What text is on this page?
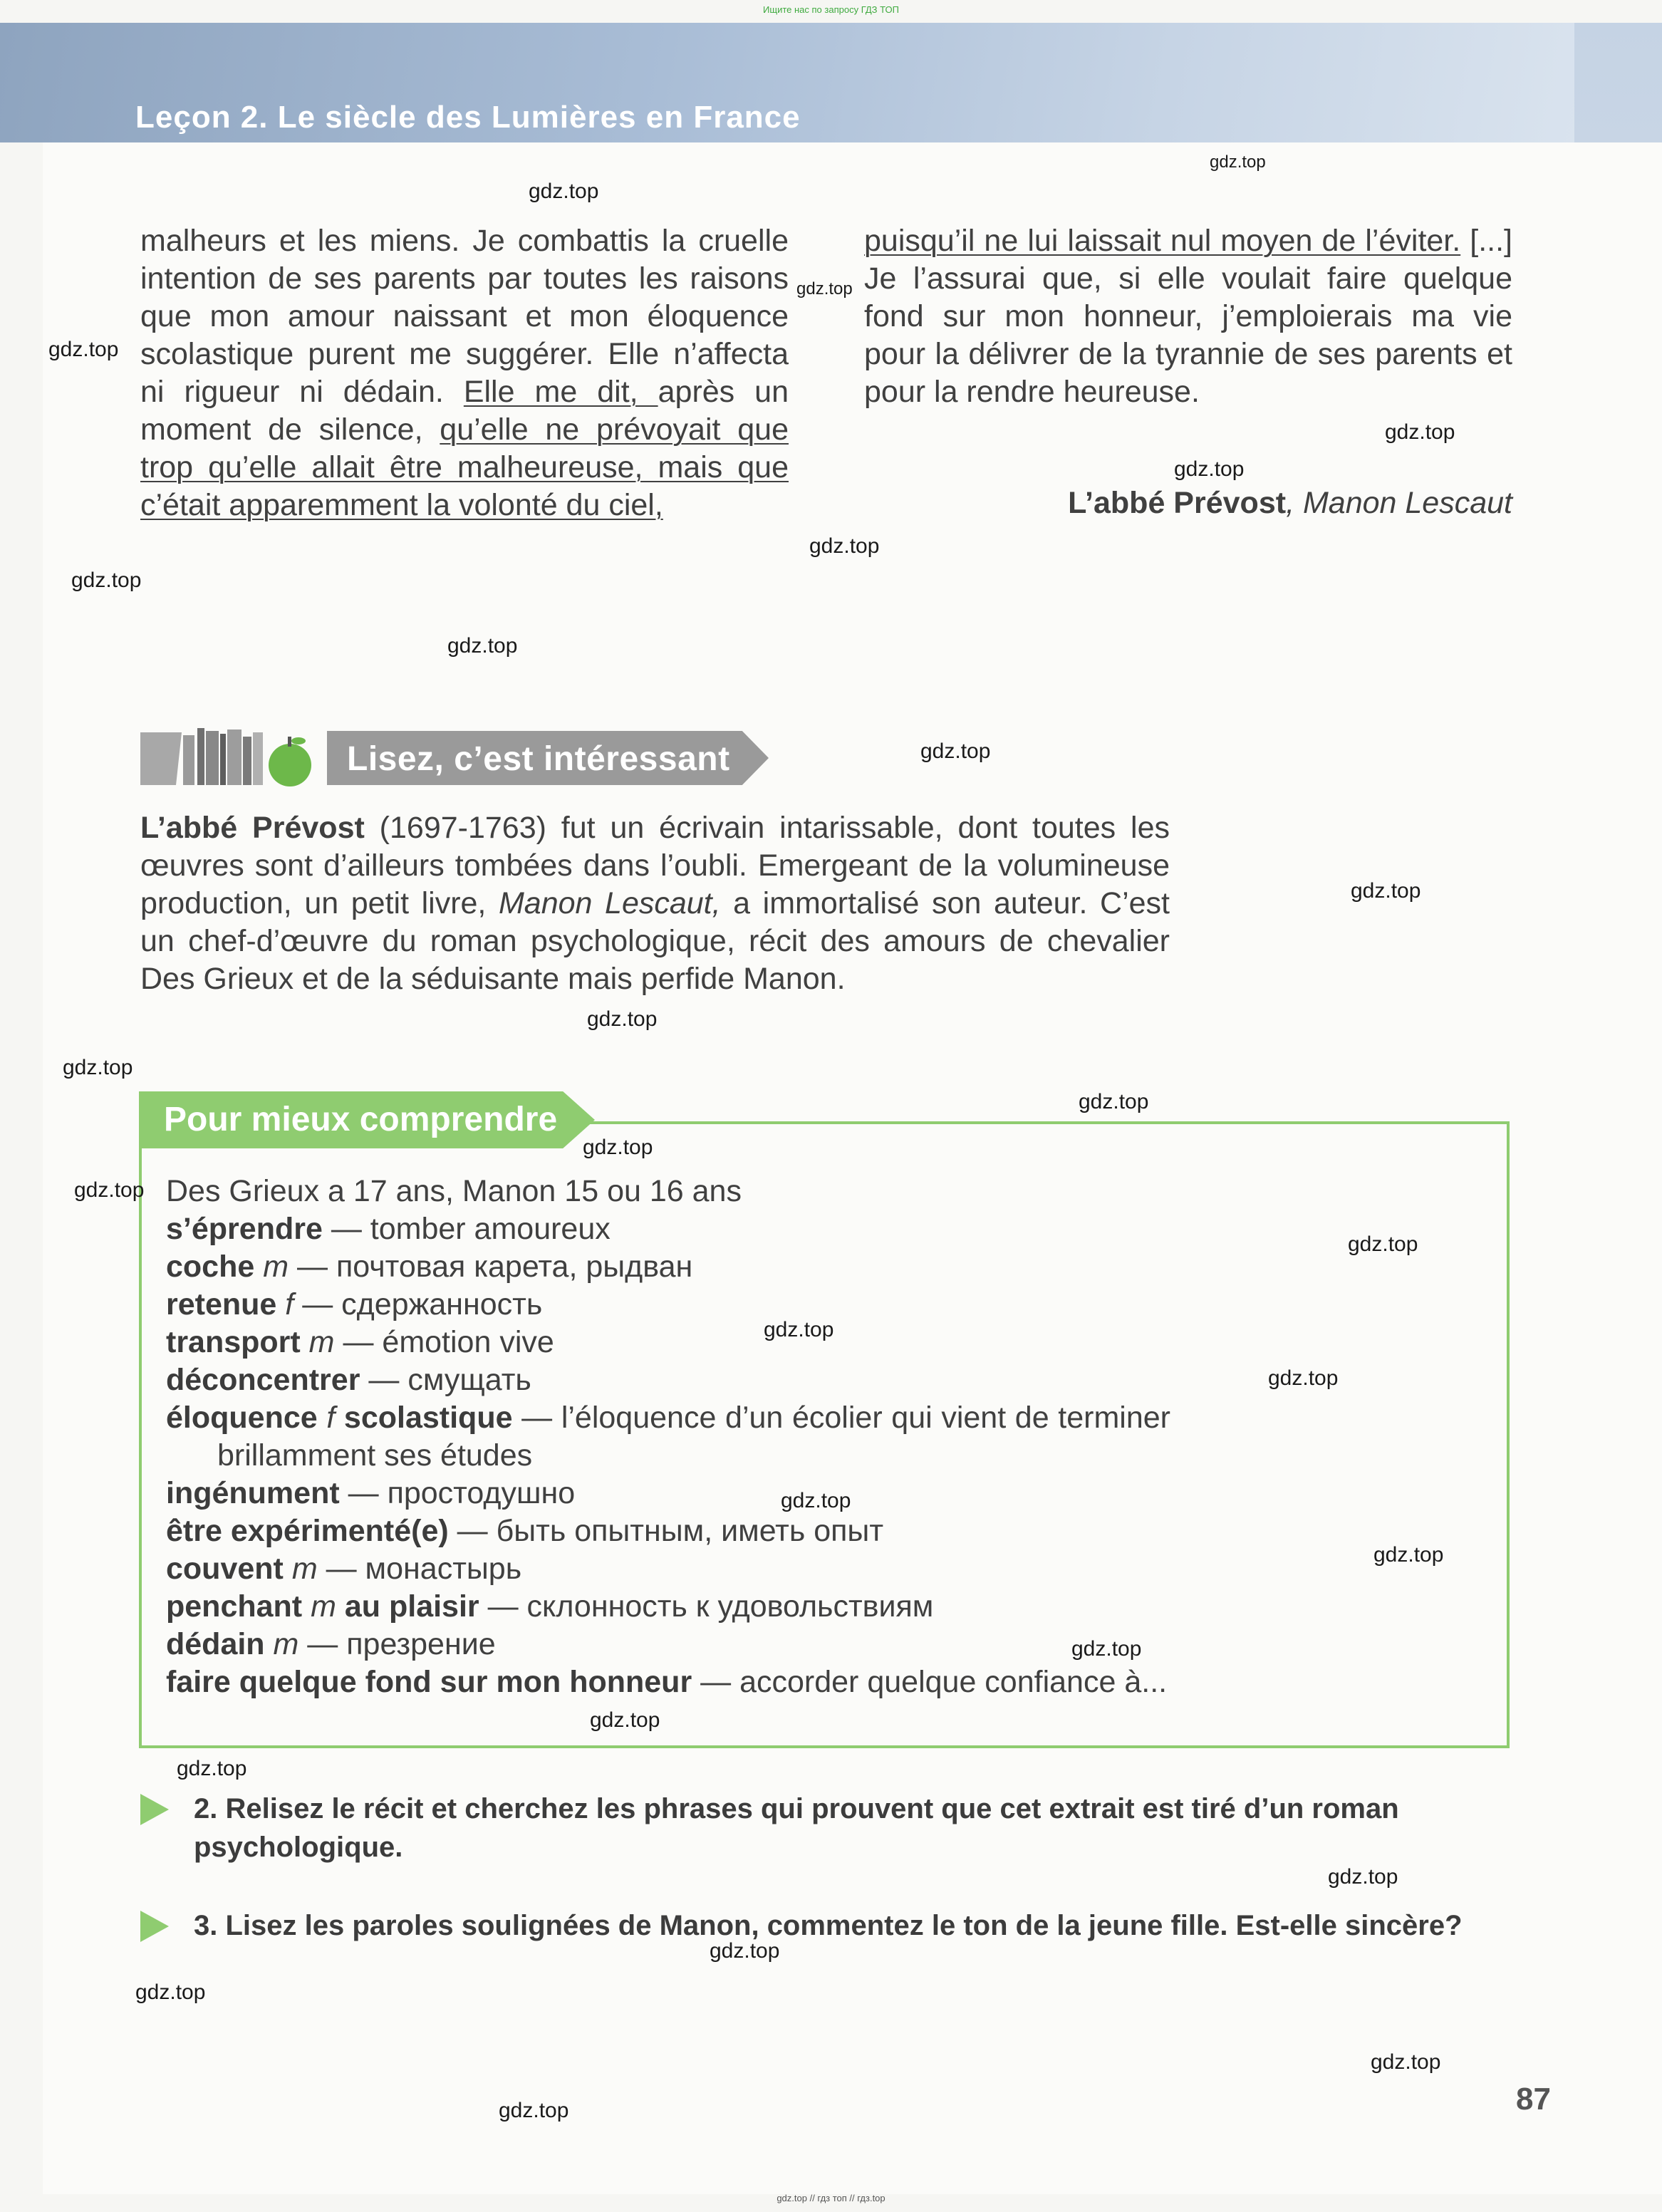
Ищите нас по запросу ГДЗ ТОП
Leçon 2. Le siècle des Lumières en France
malheurs et les miens. Je combattis la cruelle intention de ses parents par toutes les raisons que mon amour naissant et mon éloquence scolastique purent me suggérer. Elle n’affecta ni rigueur ni dédain. Elle me dit, après un moment de silence, qu’elle ne prévoyait que trop qu’elle allait être malheureuse, mais que c’était apparemment la volonté du ciel,
puisqu’il ne lui laissait nul moyen de l’éviter. [...] Je l’assurai que, si elle voulait faire quelque fond sur mon honneur, j’emploierais ma vie pour la délivrer de la tyrannie de ses parents et pour la rendre heureuse.
L’abbé Prévost, Manon Lescaut
Lisez, c’est intéressant
L’abbé Prévost (1697-1763) fut un écrivain intarissable, dont toutes les œuvres sont d’ailleurs tombées dans l’oubli. Emergeant de la volumineuse production, un petit livre, Manon Lescaut, a immortalisé son auteur. C’est un chef-d’œuvre du roman psychologique, récit des amours de chevalier Des Grieux et de la séduisante mais perfide Manon.
Pour mieux comprendre
Des Grieux a 17 ans, Manon 15 ou 16 ans
s’éprendre — tomber amoureux
coche m — почтовая карета, рыдван
retenue f — сдержанность
transport m — émotion vive
déconcentrer — смущать
éloquence f scolastique — l’éloquence d’un écolier qui vient de terminer brillamment ses études
ingénument — простодушно
être expérimenté(e) — быть опытным, иметь опыт
couvent m — монастырь
penchant m au plaisir — склонность к удовольствиям
dédain m — презрение
faire quelque fond sur mon honneur — accorder quelque confiance à...
2. Relisez le récit et cherchez les phrases qui prouvent que cet extrait est tiré d’un roman psychologique.
3. Lisez les paroles soulignées de Manon, commentez le ton de la jeune fille. Est-elle sincère?
87
gdz.top // гдз топ // гдз.top
gdz.top
gdz.top
gdz.top
gdz.top
gdz.top
gdz.top
gdz.top
gdz.top
gdz.top
gdz.top
gdz.top
gdz.top
gdz.top
gdz.top
gdz.top
gdz.top
gdz.top
gdz.top
gdz.top
gdz.top
gdz.top
gdz.top
gdz.top
gdz.top
gdz.top
gdz.top
gdz.top
gdz.top
gdz.top
